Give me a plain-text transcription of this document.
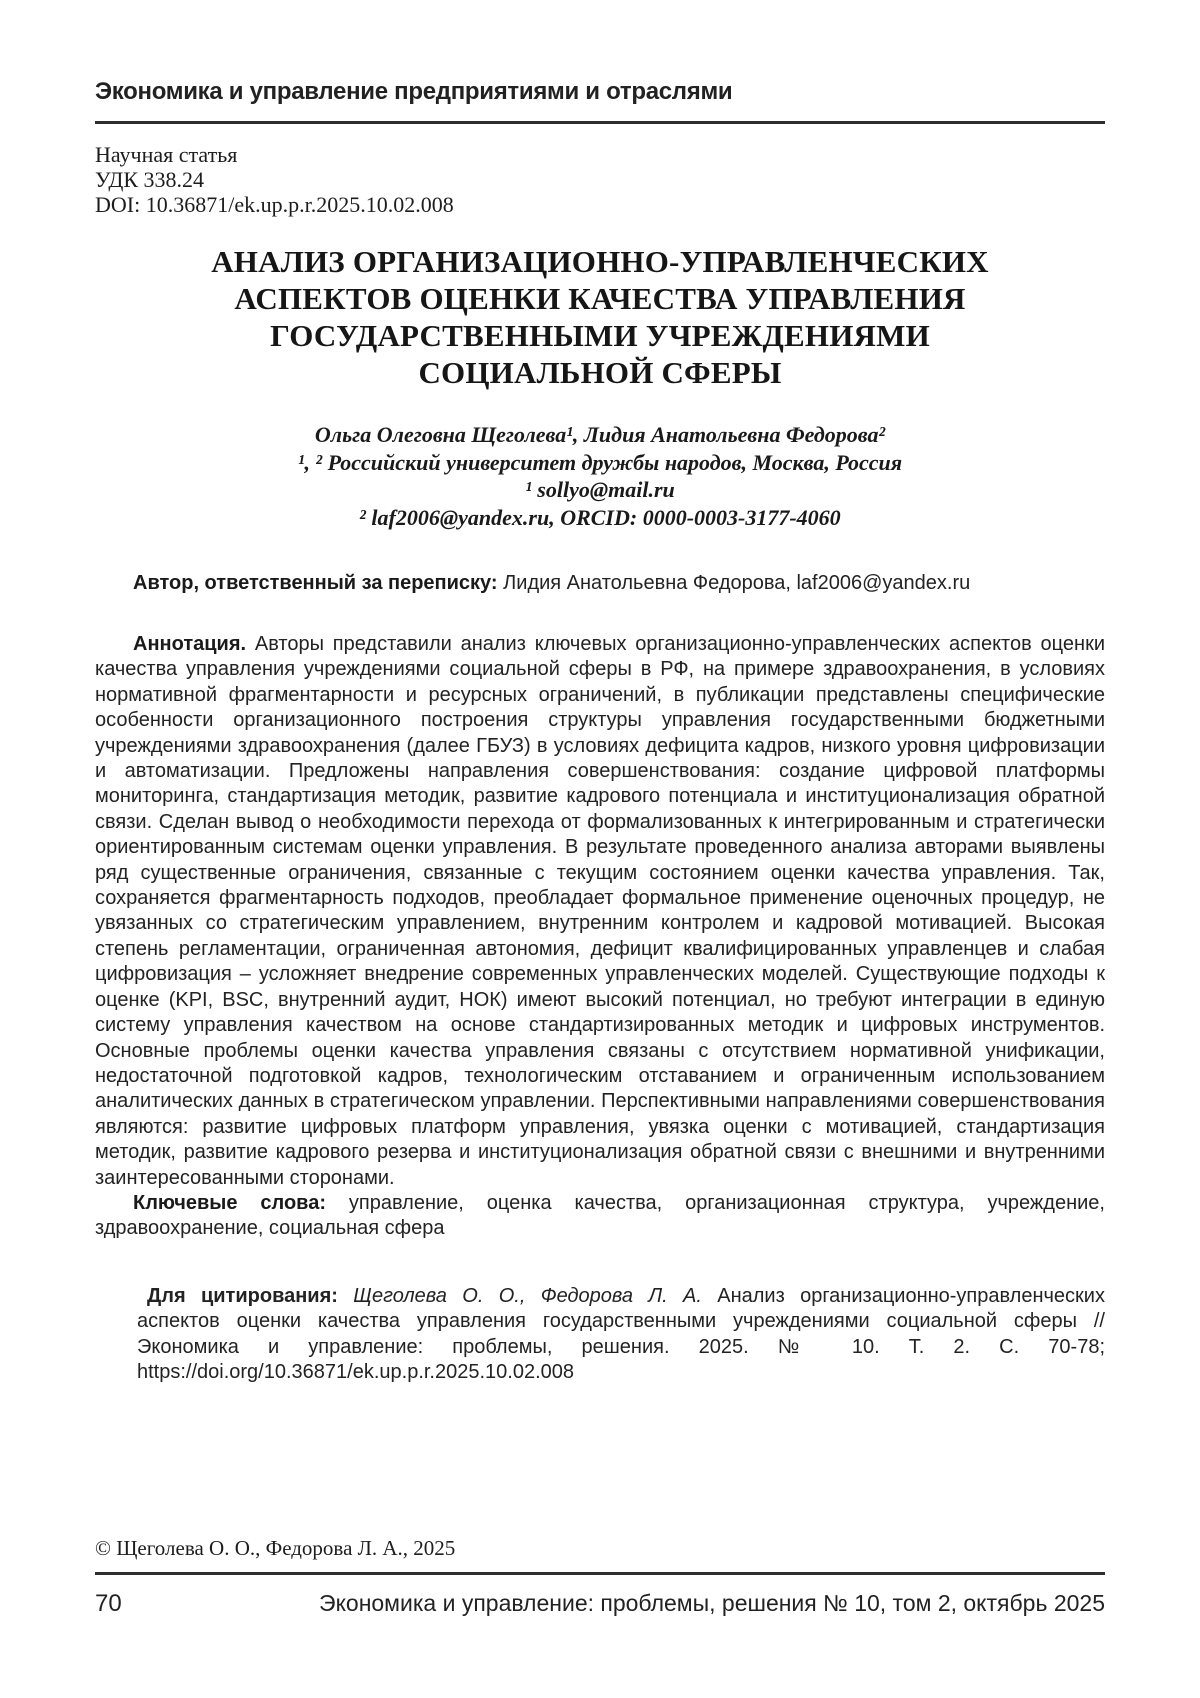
Экономика и управление предприятиями и отраслями
Научная статья
УДК 338.24
DOI: 10.36871/ek.up.p.r.2025.10.02.008
АНАЛИЗ ОРГАНИЗАЦИОННО-УПРАВЛЕНЧЕСКИХ
АСПЕКТОВ ОЦЕНКИ КАЧЕСТВА УПРАВЛЕНИЯ
ГОСУДАРСТВЕННЫМИ УЧРЕЖДЕНИЯМИ
СОЦИАЛЬНОЙ СФЕРЫ
Ольга Олеговна Щеголева¹, Лидия Анатольевна Федорова²
¹, ² Российский университет дружбы народов, Москва, Россия
¹ sollyo@mail.ru
² laf2006@yandex.ru, ORCID: 0000-0003-3177-4060
Автор, ответственный за переписку: Лидия Анатольевна Федорова, laf2006@yandex.ru

Аннотация. Авторы представили анализ ключевых организационно-управленческих аспектов оценки качества управления учреждениями социальной сферы в РФ, на примере здравоохранения, в условиях нормативной фрагментарности и ресурсных ограничений, в публикации представлены специфические особенности организационного построения структуры управления государственными бюджетными учреждениями здравоохранения (далее ГБУЗ) в условиях дефицита кадров, низкого уровня цифровизации и автоматизации. Предложены направления совершенствования: создание цифровой платформы мониторинга, стандартизация методик, развитие кадрового потенциала и институционализация обратной связи. Сделан вывод о необходимости перехода от формализованных к интегрированным и стратегически ориентированным системам оценки управления. В результате проведенного анализа авторами выявлены ряд существенные ограничения, связанные с текущим состоянием оценки качества управления. Так, сохраняется фрагментарность подходов, преобладает формальное применение оценочных процедур, не увязанных со стратегическим управлением, внутренним контролем и кадровой мотивацией. Высокая степень регламентации, ограниченная автономия, дефицит квалифицированных управленцев и слабая цифровизация – усложняет внедрение современных управленческих моделей. Существующие подходы к оценке (KPI, BSC, внутренний аудит, НОК) имеют высокий потенциал, но требуют интеграции в единую систему управления качеством на основе стандартизированных методик и цифровых инструментов. Основные проблемы оценки качества управления связаны с отсутствием нормативной унификации, недостаточной подготовкой кадров, технологическим отставанием и ограниченным использованием аналитических данных в стратегическом управлении. Перспективными направлениями совершенствования являются: развитие цифровых платформ управления, увязка оценки с мотивацией, стандартизация методик, развитие кадрового резерва и институционализация обратной связи с внешними и внутренними заинтересованными сторонами.

Ключевые слова: управление, оценка качества, организационная структура, учреждение, здравоохранение, социальная сфера

Для цитирования: Щеголева О. О., Федорова Л. А. Анализ организационно-управленческих аспектов оценки качества управления государственными учреждениями социальной сферы // Экономика и управление: проблемы, решения. 2025. № 10. Т. 2. С. 70-78; https://doi.org/10.36871/ek.up.p.r.2025.10.02.008
© Щеголева О. О., Федорова Л. А., 2025
70	Экономика и управление: проблемы, решения № 10, том 2, октябрь 2025
